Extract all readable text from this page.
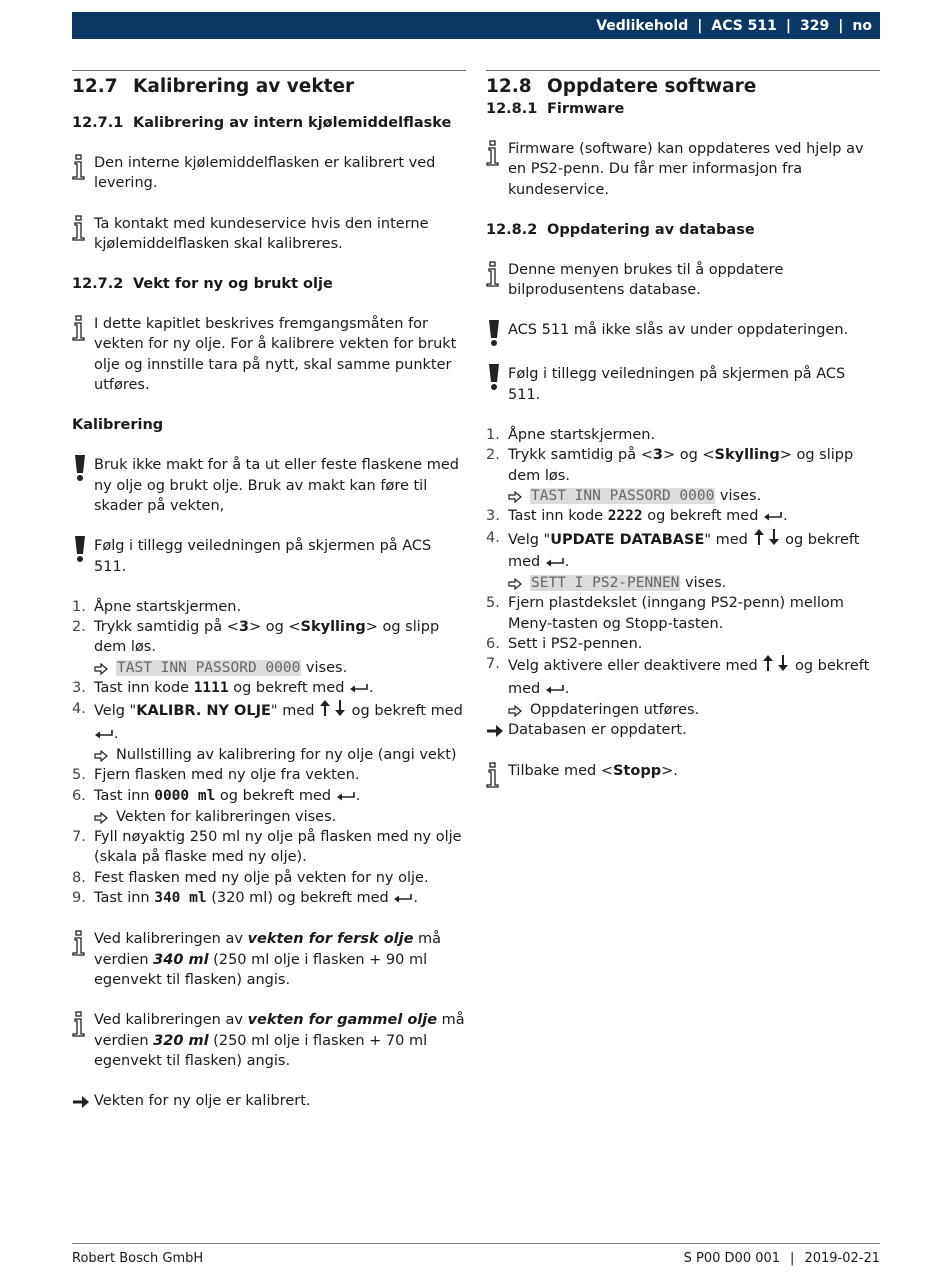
Vedlikehold | ACS 511 | 329 | no
12.7 Kalibrering av vekter
12.7.1 Kalibrering av intern kjølemiddelflaske
Den interne kjølemiddelflasken er kalibrert ved levering.
Ta kontakt med kundeservice hvis den interne kjølemiddelflasken skal kalibreres.
12.7.2 Vekt for ny og brukt olje
I dette kapitlet beskrives fremgangsmåten for vekten for ny olje. For å kalibrere vekten for brukt olje og innstille tara på nytt, skal samme punkter utføres.
Kalibrering
Bruk ikke makt for å ta ut eller feste flaskene med ny olje og brukt olje. Bruk av makt kan føre til skader på vekten,
Følg i tillegg veiledningen på skjermen på ACS 511.
1. Åpne startskjermen.
2. Trykk samtidig på <3> og <Skylling> og slipp dem løs.
TAST INN PASSORD 0000 vises.
3. Tast inn kode 1111 og bekreft med .
4. Velg "KALIBR. NY OLJE" med  og bekreft med .
Nullstilling av kalibrering for ny olje (angi vekt)
5. Fjern flasken med ny olje fra vekten.
6. Tast inn 0000 ml og bekreft med .
Vekten for kalibreringen vises.
7. Fyll nøyaktig 250 ml ny olje på flasken med ny olje (skala på flaske med ny olje).
8. Fest flasken med ny olje på vekten for ny olje.
9. Tast inn 340 ml (320 ml) og bekreft med .
Ved kalibreringen av vekten for fersk olje må verdien 340 ml (250 ml olje i flasken + 90 ml egenvekt til flasken) angis.
Ved kalibreringen av vekten for gammel olje må verdien 320 ml (250 ml olje i flasken + 70 ml egenvekt til flasken) angis.
Vekten for ny olje er kalibrert.
12.8 Oppdatere software
12.8.1 Firmware
Firmware (software) kan oppdateres ved hjelp av en PS2-penn. Du får mer informasjon fra kundeservice.
12.8.2 Oppdatering av database
Denne menyen brukes til å oppdatere bilprodusentens database.
ACS 511 må ikke slås av under oppdateringen.
Følg i tillegg veiledningen på skjermen på ACS 511.
1. Åpne startskjermen.
2. Trykk samtidig på <3> og <Skylling> og slipp dem løs.
TAST INN PASSORD 0000 vises.
3. Tast inn kode 2222 og bekreft med .
4. Velg "UPDATE DATABASE" med  og bekreft med .
SETT I PS2-PENNEN vises.
5. Fjern plastdekslet (inngang PS2-penn) mellom Meny-tasten og Stopp-tasten.
6. Sett i PS2-pennen.
7. Velg aktivere eller deaktivere med  og bekreft med .
Oppdateringen utføres.
Databasen er oppdatert.
Tilbake med <Stopp>.
Robert Bosch GmbH	S P00 D00 001 | 2019-02-21
